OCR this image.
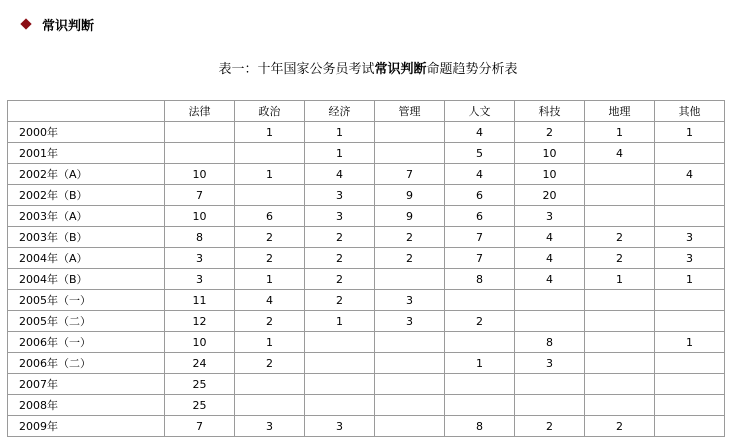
常识判断
表一：十年国家公务员考试常识判断命题趋势分析表
	法律	政治	经济	管理	人文	科技	地理	其他
2000年		1	1		4	2	1	1
2001年			1		5	10	4	
2002年（A）	10	1	4	7	4	10		4
2002年（B）	7		3	9	6	20		
2003年（A）	10	6	3	9	6	3		
2003年（B）	8	2	2	2	7	4	2	3
2004年（A）	3	2	2	2	7	4	2	3
2004年（B）	3	1	2		8	4	1	1
2005年（一）	11	4	2	3				
2005年（二）	12	2	1	3	2			
2006年（一）	10	1				8		1
2006年（二）	24	2			1	3		
2007年	25							
2008年	25							
2009年	7	3	3		8	2	2	
